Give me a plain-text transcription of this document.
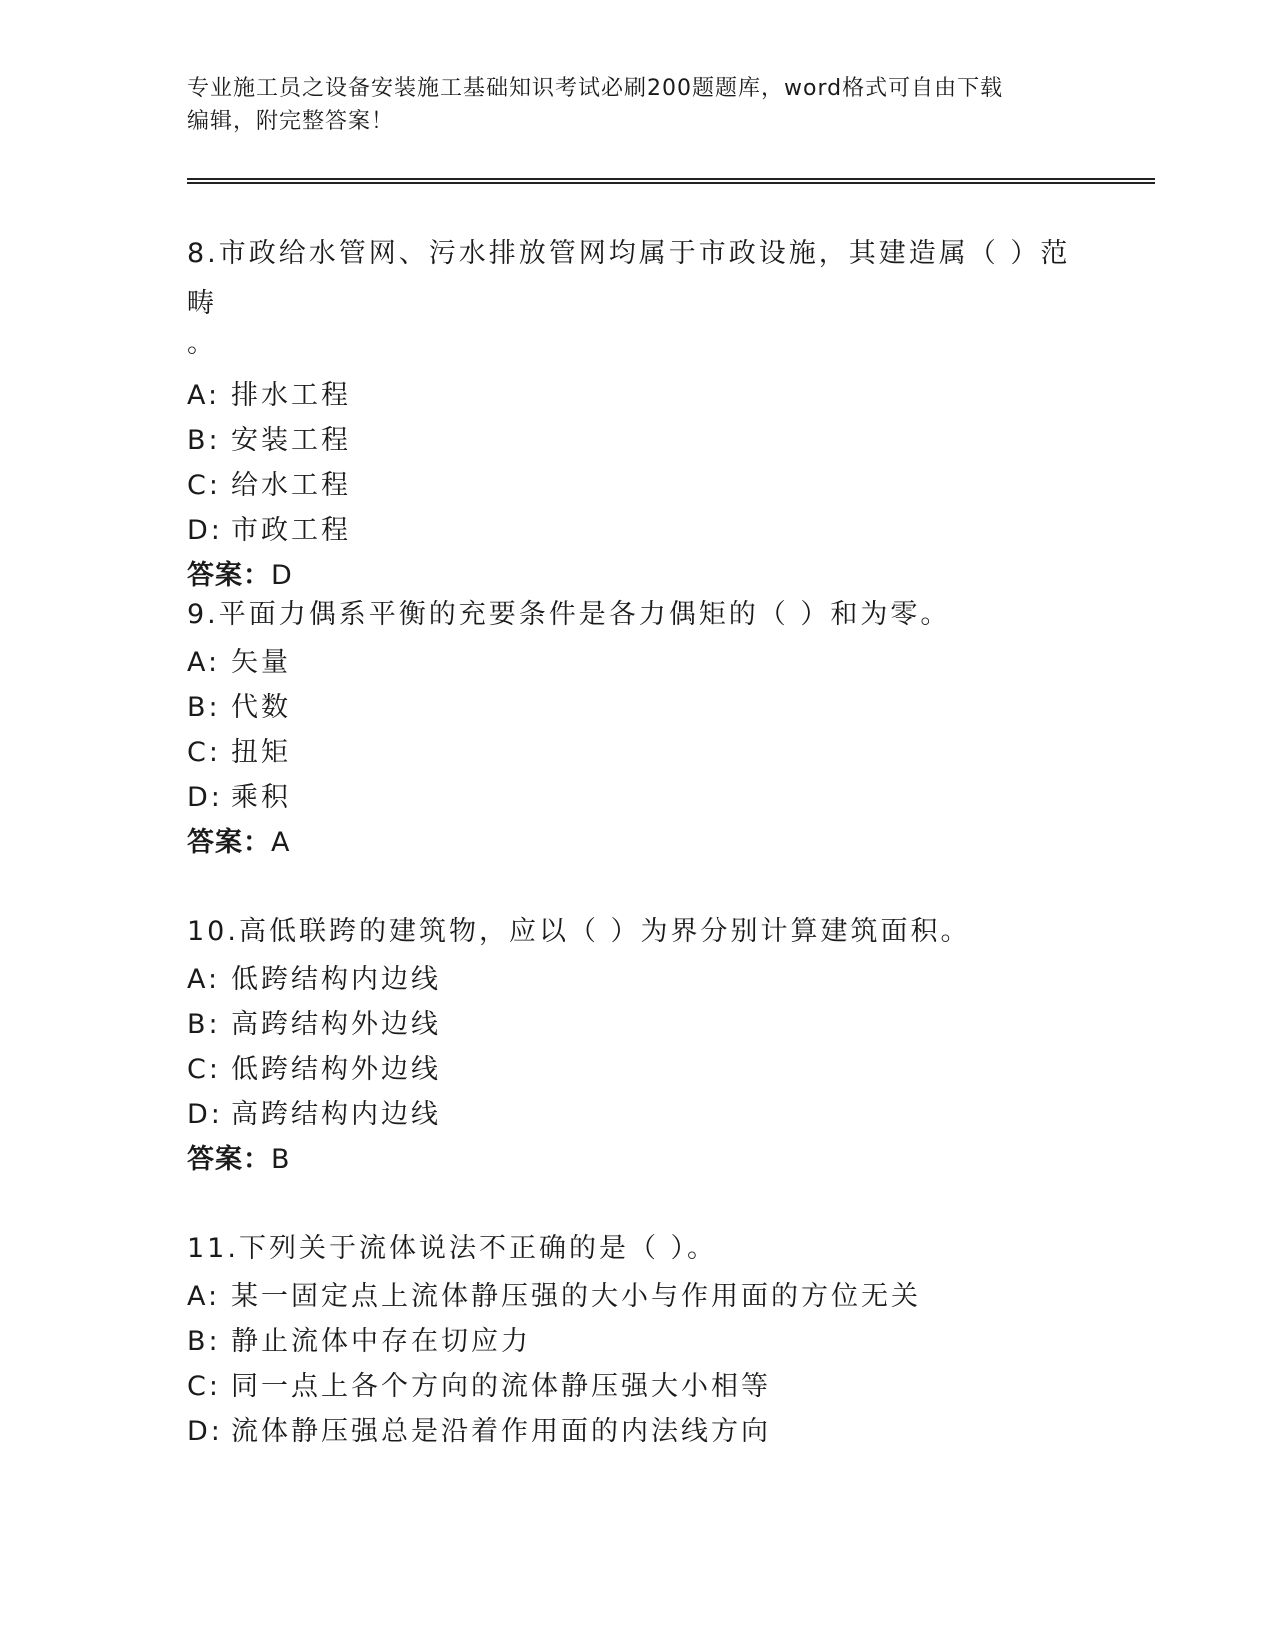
专业施工员之设备安装施工基础知识考试必刷200题题库，word格式可自由下载
编辑，附完整答案！

8.市政给水管网、污水排放管网均属于市政设施，其建造属（ ）范畴

。

A: 排水工程
B: 安装工程
C: 给水工程
D: 市政工程
答案：D

9.平面力偶系平衡的充要条件是各力偶矩的（ ）和为零。

A: 矢量
B: 代数
C: 扭矩
D: 乘积
答案：A

10.高低联跨的建筑物，应以（ ）为界分别计算建筑面积。

A: 低跨结构内边线
B: 高跨结构外边线
C: 低跨结构外边线
D: 高跨结构内边线
答案：B

11.下列关于流体说法不正确的是（ ）。

A: 某一固定点上流体静压强的大小与作用面的方位无关
B: 静止流体中存在切应力
C: 同一点上各个方向的流体静压强大小相等
D: 流体静压强总是沿着作用面的内法线方向
